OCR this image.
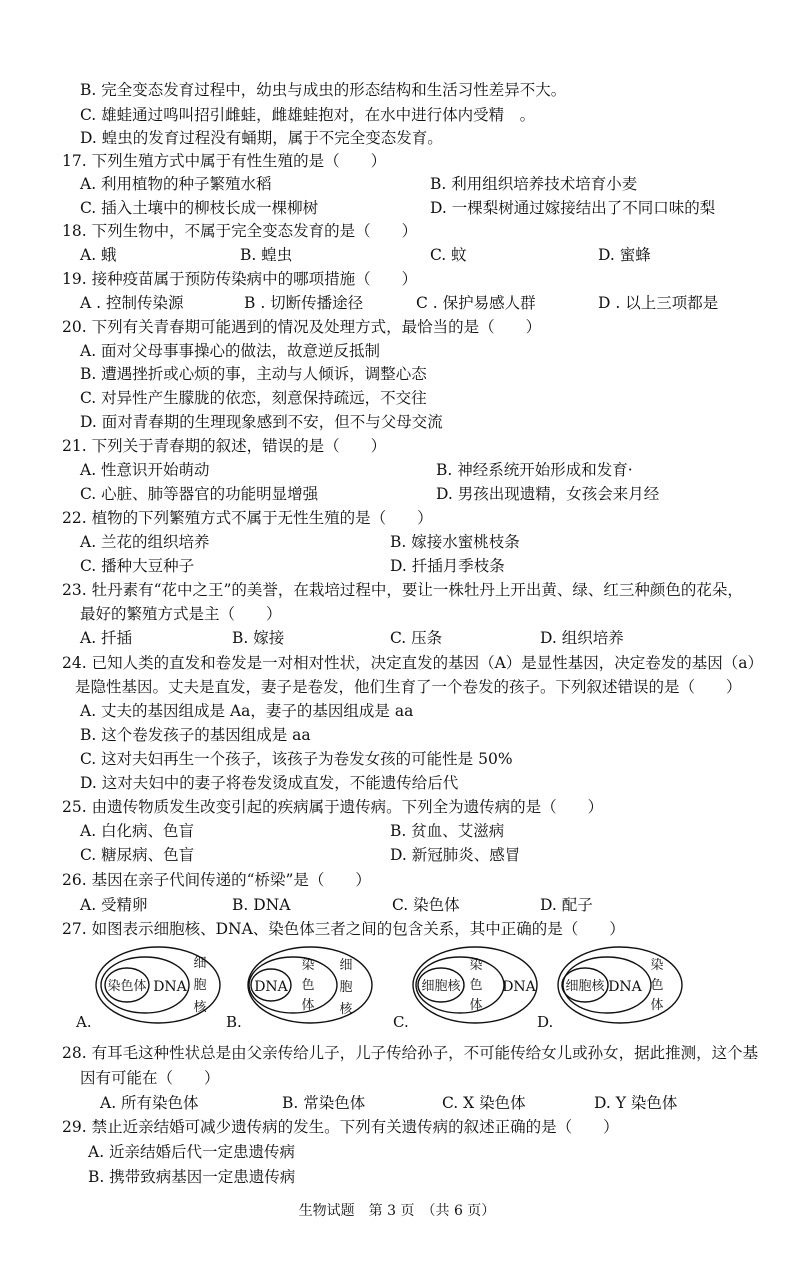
B. 完全变态发育过程中，幼虫与成虫的形态结构和生活习性差异不大。
C. 雄蛙通过鸣叫招引雌蛙，雌雄蛙抱对，在水中进行体内受精　。
D. 蝗虫的发育过程没有蛹期，属于不完全变态发育。
17. 下列生殖方式中属于有性生殖的是（　　）
A. 利用植物的种子繁殖水稻	B. 利用组织培养技术培育小麦
C. 插入土壤中的柳枝长成一棵柳树	D. 一棵梨树通过嫁接结出了不同口味的梨
18. 下列生物中，不属于完全变态发育的是（　　）
A. 蛾	B. 蝗虫	C. 蚊	D. 蜜蜂
19. 接种疫苗属于预防传染病中的哪项措施（　　）
A . 控制传染源	B . 切断传播途径	C . 保护易感人群	D . 以上三项都是
20. 下列有关青春期可能遇到的情况及处理方式，最恰当的是（　　）
A. 面对父母事事操心的做法，故意逆反抵制
B. 遭遇挫折或心烦的事，主动与人倾诉，调整心态
C. 对异性产生朦胧的依恋，刻意保持疏远，不交往
D. 面对青春期的生理现象感到不安，但不与父母交流
21. 下列关于青春期的叙述，错误的是（　　）
A. 性意识开始萌动	B. 神经系统开始形成和发育·
C. 心脏、肺等器官的功能明显增强	D. 男孩出现遗精，女孩会来月经
22. 植物的下列繁殖方式不属于无性生殖的是（　　）
A. 兰花的组织培养	B. 嫁接水蜜桃枝条
C. 播种大豆种子	D. 扦插月季枝条
23. 牡丹素有“花中之王”的美誉，在栽培过程中，要让一株牡丹上开出黄、绿、红三种颜色的花朵，
最好的繁殖方式是主（　　）
A. 扦插	B. 嫁接	C. 压条	D. 组织培养
24. 已知人类的直发和卷发是一对相对性状，决定直发的基因（A）是显性基因，决定卷发的基因（a）
是隐性基因。丈夫是直发，妻子是卷发，他们生育了一个卷发的孩子。下列叙述错误的是（　　）
A. 丈夫的基因组成是 Aa，妻子的基因组成是 aa
B. 这个卷发孩子的基因组成是 aa
C. 这对夫妇再生一个孩子，该孩子为卷发女孩的可能性是 50%
D. 这对夫妇中的妻子将卷发烫成直发，不能遗传给后代
25. 由遗传物质发生改变引起的疾病属于遗传病。下列全为遗传病的是（　　）
A. 白化病、色盲	B. 贫血、艾滋病
C. 糖尿病、色盲	D. 新冠肺炎、感冒
26. 基因在亲子代间传递的“桥梁”是（　　）
A. 受精卵	B. DNA	C. 染色体	D. 配子
27. 如图表示细胞核、DNA、染色体三者之间的包含关系，其中正确的是（　　）
染色体 DNA
细
胞
核
A.
DNA
染
色
体
细
胞
核
B.
细胞核
染
色
体
DNA
C.
细胞核 DNA
染
色
体
D.
28. 有耳毛这种性状总是由父亲传给儿子，儿子传给孙子，不可能传给女儿或孙女，据此推测，这个基
因有可能在（　　）
A. 所有染色体	B. 常染色体	C. X 染色体	D. Y 染色体
29. 禁止近亲结婚可减少遗传病的发生。下列有关遗传病的叙述正确的是（　　）
A. 近亲结婚后代一定患遗传病
B. 携带致病基因一定患遗传病
生物试题　第 3 页　（共 6 页）
